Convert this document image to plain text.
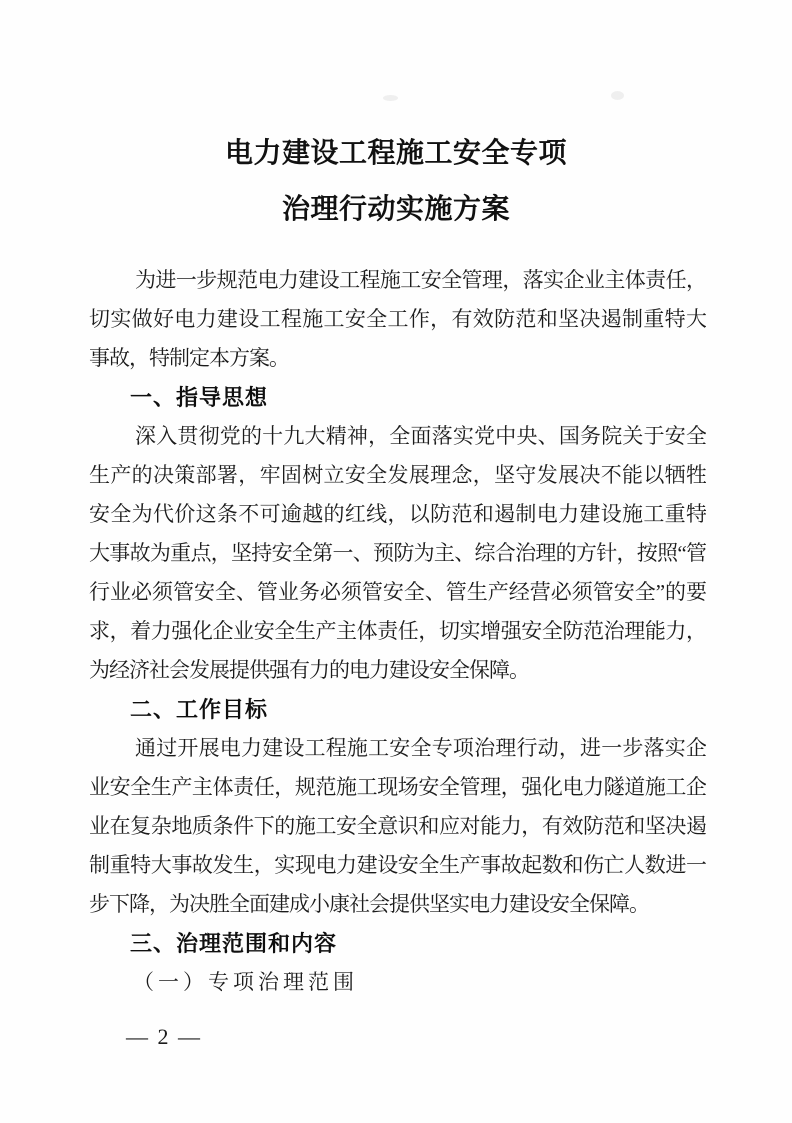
电力建设工程施工安全专项
治理行动实施方案
为进一步规范电力建设工程施工安全管理，落实企业主体责任，
切实做好电力建设工程施工安全工作，有效防范和坚决遏制重特大
事故，特制定本方案。
一、指导思想
深入贯彻党的十九大精神，全面落实党中央、国务院关于安全
生产的决策部署，牢固树立安全发展理念，坚守发展决不能以牺牲
安全为代价这条不可逾越的红线，以防范和遏制电力建设施工重特
大事故为重点，坚持安全第一、预防为主、综合治理的方针，按照“管
行业必须管安全、管业务必须管安全、管生产经营必须管安全”的要
求，着力强化企业安全生产主体责任，切实增强安全防范治理能力，
为经济社会发展提供强有力的电力建设安全保障。
二、工作目标
通过开展电力建设工程施工安全专项治理行动，进一步落实企
业安全生产主体责任，规范施工现场安全管理，强化电力隧道施工企
业在复杂地质条件下的施工安全意识和应对能力，有效防范和坚决遏
制重特大事故发生，实现电力建设安全生产事故起数和伤亡人数进一
步下降，为决胜全面建成小康社会提供坚实电力建设安全保障。
三、治理范围和内容
（一）专项治理范围
— 2 —
